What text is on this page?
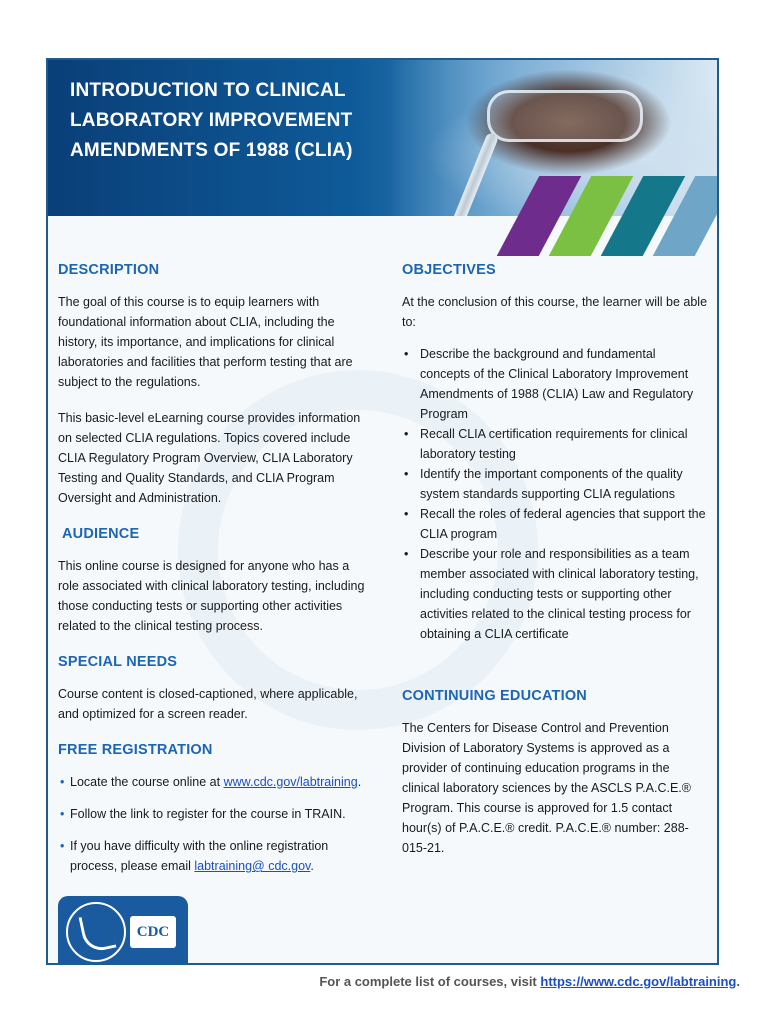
INTRODUCTION TO CLINICAL LABORATORY IMPROVEMENT AMENDMENTS OF 1988 (CLIA)
DESCRIPTION

The goal of this course is to equip learners with foundational information about CLIA, including the history, its importance, and implications for clinical laboratories and facilities that perform testing that are subject to the regulations.

This basic-level eLearning course provides information on selected CLIA regulations. Topics covered include CLIA Regulatory Program Overview, CLIA Laboratory Testing and Quality Standards, and CLIA Program Oversight and Administration.

AUDIENCE

This online course is designed for anyone who has a role associated with clinical laboratory testing, including those conducting tests or supporting other activities related to the clinical testing process.

SPECIAL NEEDS

Course content is closed-captioned, where applicable, and optimized for a screen reader.

FREE REGISTRATION
• Locate the course online at www.cdc.gov/labtraining.
• Follow the link to register for the course in TRAIN.
• If you have difficulty with the online registration process, please email labtraining@ cdc.gov.
OBJECTIVES

At the conclusion of this course, the learner will be able to:

• Describe the background and fundamental concepts of the Clinical Laboratory Improvement Amendments of 1988 (CLIA) Law and Regulatory Program
• Recall CLIA certification requirements for clinical laboratory testing
• Identify the important components of the quality system standards supporting CLIA regulations
• Recall the roles of federal agencies that support the CLIA program
• Describe your role and responsibilities as a team member associated with clinical laboratory testing, including conducting tests or supporting other activities related to the clinical testing process for obtaining a CLIA certificate
CONTINUING EDUCATION

The Centers for Disease Control and Prevention Division of Laboratory Systems is approved as a provider of continuing education programs in the clinical laboratory sciences by the ASCLS P.A.C.E.® Program. This course is approved for 1.5 contact hour(s) of P.A.C.E.® credit. P.A.C.E.® number: 288-015-21.

CDC
For a complete list of courses, visit https://www.cdc.gov/labtraining.
